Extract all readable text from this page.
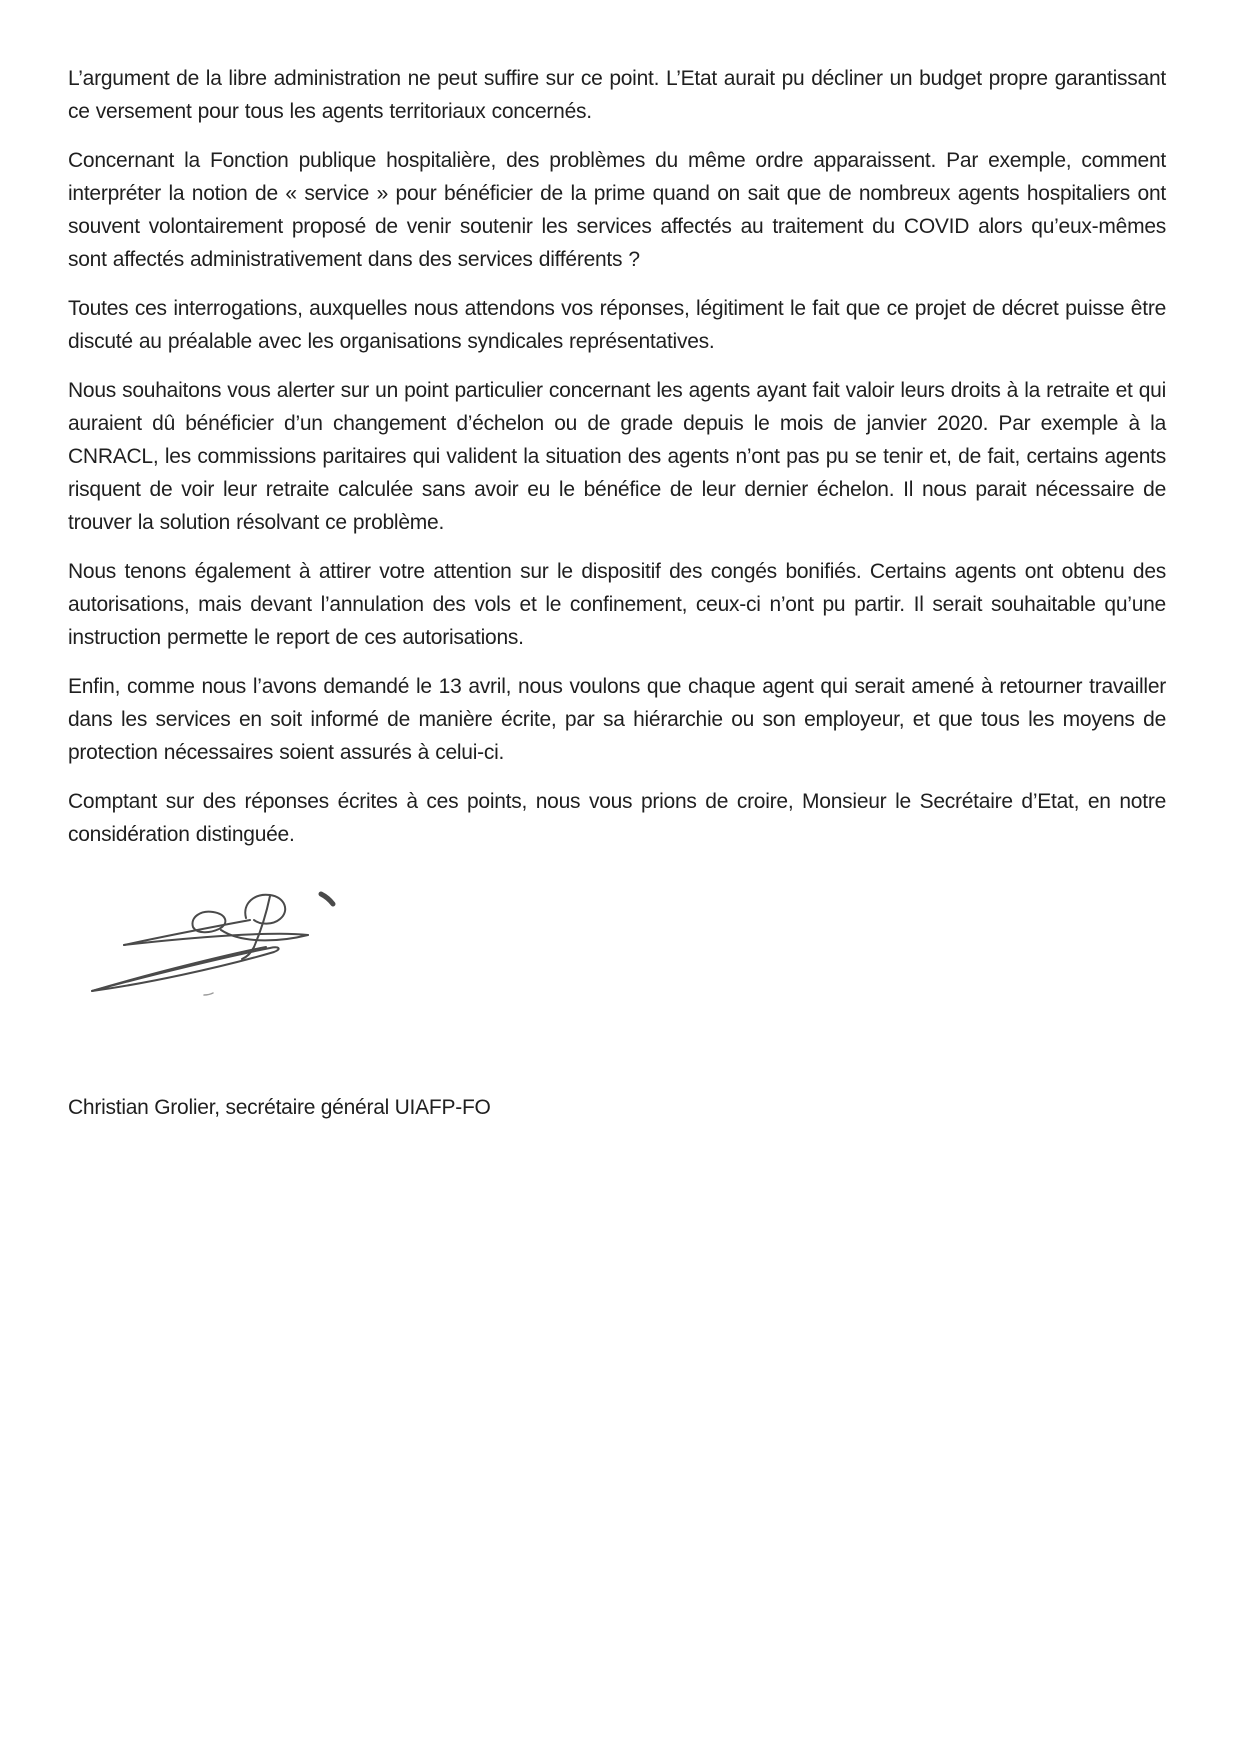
L’argument de la libre administration ne peut suffire sur ce point. L’Etat aurait pu décliner un budget propre garantissant ce versement pour tous les agents territoriaux concernés.

Concernant la Fonction publique hospitalière, des problèmes du même ordre apparaissent. Par exemple, comment interpréter la notion de « service » pour bénéficier de la prime quand on sait que de nombreux agents hospitaliers ont souvent volontairement proposé de venir soutenir les services affectés au traitement du COVID alors qu’eux-mêmes sont affectés administrativement dans des services différents ?

Toutes ces interrogations, auxquelles nous attendons vos réponses, légitiment le fait que ce projet de décret puisse être discuté au préalable avec les organisations syndicales représentatives.

Nous souhaitons vous alerter sur un point particulier concernant les agents ayant fait valoir leurs droits à la retraite et qui auraient dû bénéficier d’un changement d’échelon ou de grade depuis le mois de janvier 2020. Par exemple à la CNRACL, les commissions paritaires qui valident la situation des agents n’ont pas pu se tenir et, de fait, certains agents risquent de voir leur retraite calculée sans avoir eu le bénéfice de leur dernier échelon. Il nous parait nécessaire de trouver la solution résolvant ce problème.

Nous tenons également à attirer votre attention sur le dispositif des congés bonifiés. Certains agents ont obtenu des autorisations, mais devant l’annulation des vols et le confinement, ceux-ci n’ont pu partir. Il serait souhaitable qu’une instruction permette le report de ces autorisations.

Enfin, comme nous l’avons demandé le 13 avril, nous voulons que chaque agent qui serait amené à retourner travailler dans les services en soit informé de manière écrite, par sa hiérarchie ou son employeur, et que tous les moyens de protection nécessaires soient assurés à celui-ci.

Comptant sur des réponses écrites à ces points, nous vous prions de croire, Monsieur le Secrétaire d’Etat, en notre considération distinguée.

Christian Grolier, secrétaire général UIAFP-FO
